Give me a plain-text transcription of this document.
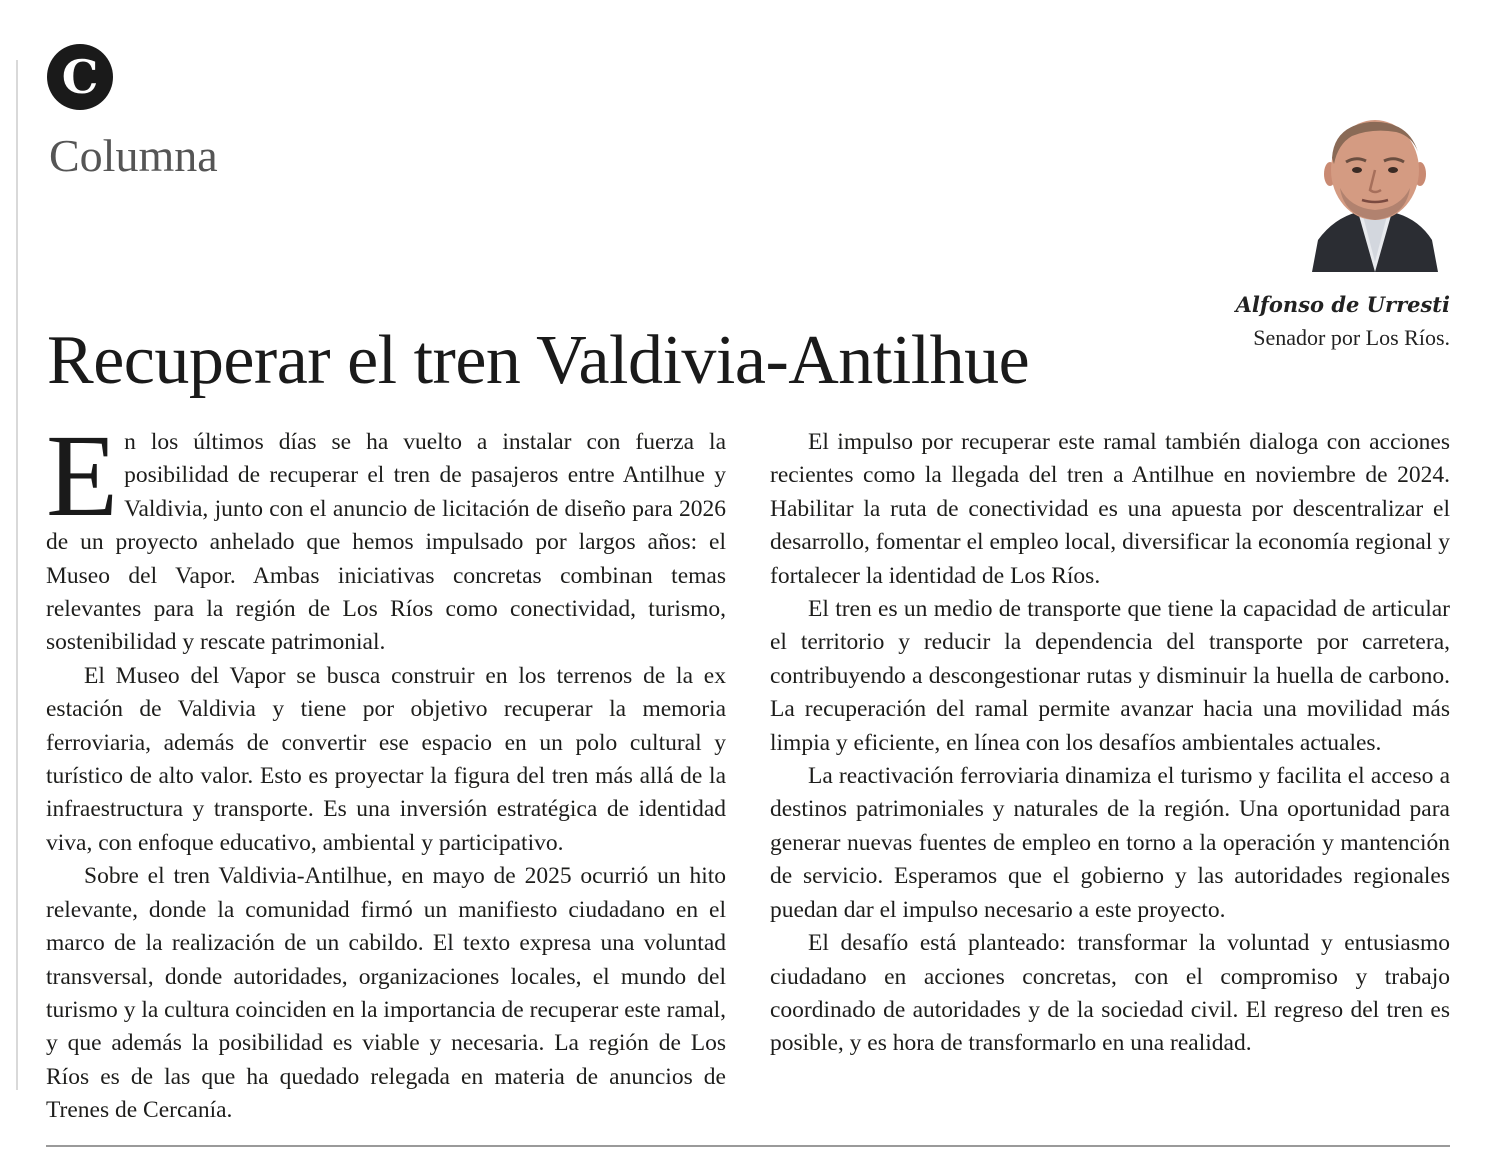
C
Columna
Alfonso de Urresti
Senador por Los Ríos.
Recuperar el tren Valdivia-Antilhue

En los últimos días se ha vuelto a instalar con fuerza la posibilidad de recuperar el tren de pasajeros entre Antilhue y Valdivia, junto con el anuncio de licitación de diseño para 2026 de un proyecto anhelado que hemos impulsado por largos años: el Museo del Vapor. Ambas iniciativas concretas combinan temas relevantes para la región de Los Ríos como conectividad, turismo, sostenibilidad y rescate patrimonial.

El Museo del Vapor se busca construir en los terrenos de la ex estación de Valdivia y tiene por objetivo recuperar la memoria ferroviaria, además de convertir ese espacio en un polo cultural y turístico de alto valor. Esto es proyectar la figura del tren más allá de la infraestructura y transporte. Es una inversión estratégica de identidad viva, con enfoque educativo, ambiental y participativo.

Sobre el tren Valdivia-Antilhue, en mayo de 2025 ocurrió un hito relevante, donde la comunidad firmó un manifiesto ciudadano en el marco de la realización de un cabildo. El texto expresa una voluntad transversal, donde autoridades, organizaciones locales, el mundo del turismo y la cultura coinciden en la importancia de recuperar este ramal, y que además la posibilidad es viable y necesaria. La región de Los Ríos es de las que ha quedado relegada en materia de anuncios de Trenes de Cercanía.

El impulso por recuperar este ramal también dialoga con acciones recientes como la llegada del tren a Antilhue en noviembre de 2024. Habilitar la ruta de conectividad es una apuesta por descentralizar el desarrollo, fomentar el empleo local, diversificar la economía regional y fortalecer la identidad de Los Ríos.

El tren es un medio de transporte que tiene la capacidad de articular el territorio y reducir la dependencia del transporte por carretera, contribuyendo a descongestionar rutas y disminuir la huella de carbono. La recuperación del ramal permite avanzar hacia una movilidad más limpia y eficiente, en línea con los desafíos ambientales actuales.

La reactivación ferroviaria dinamiza el turismo y facilita el acceso a destinos patrimoniales y naturales de la región. Una oportunidad para generar nuevas fuentes de empleo en torno a la operación y mantención de servicio. Esperamos que el gobierno y las autoridades regionales puedan dar el impulso necesario a este proyecto.

El desafío está planteado: transformar la voluntad y entusiasmo ciudadano en acciones concretas, con el compromiso y trabajo coordinado de autoridades y de la sociedad civil. El regreso del tren es posible, y es hora de transformarlo en una realidad.
